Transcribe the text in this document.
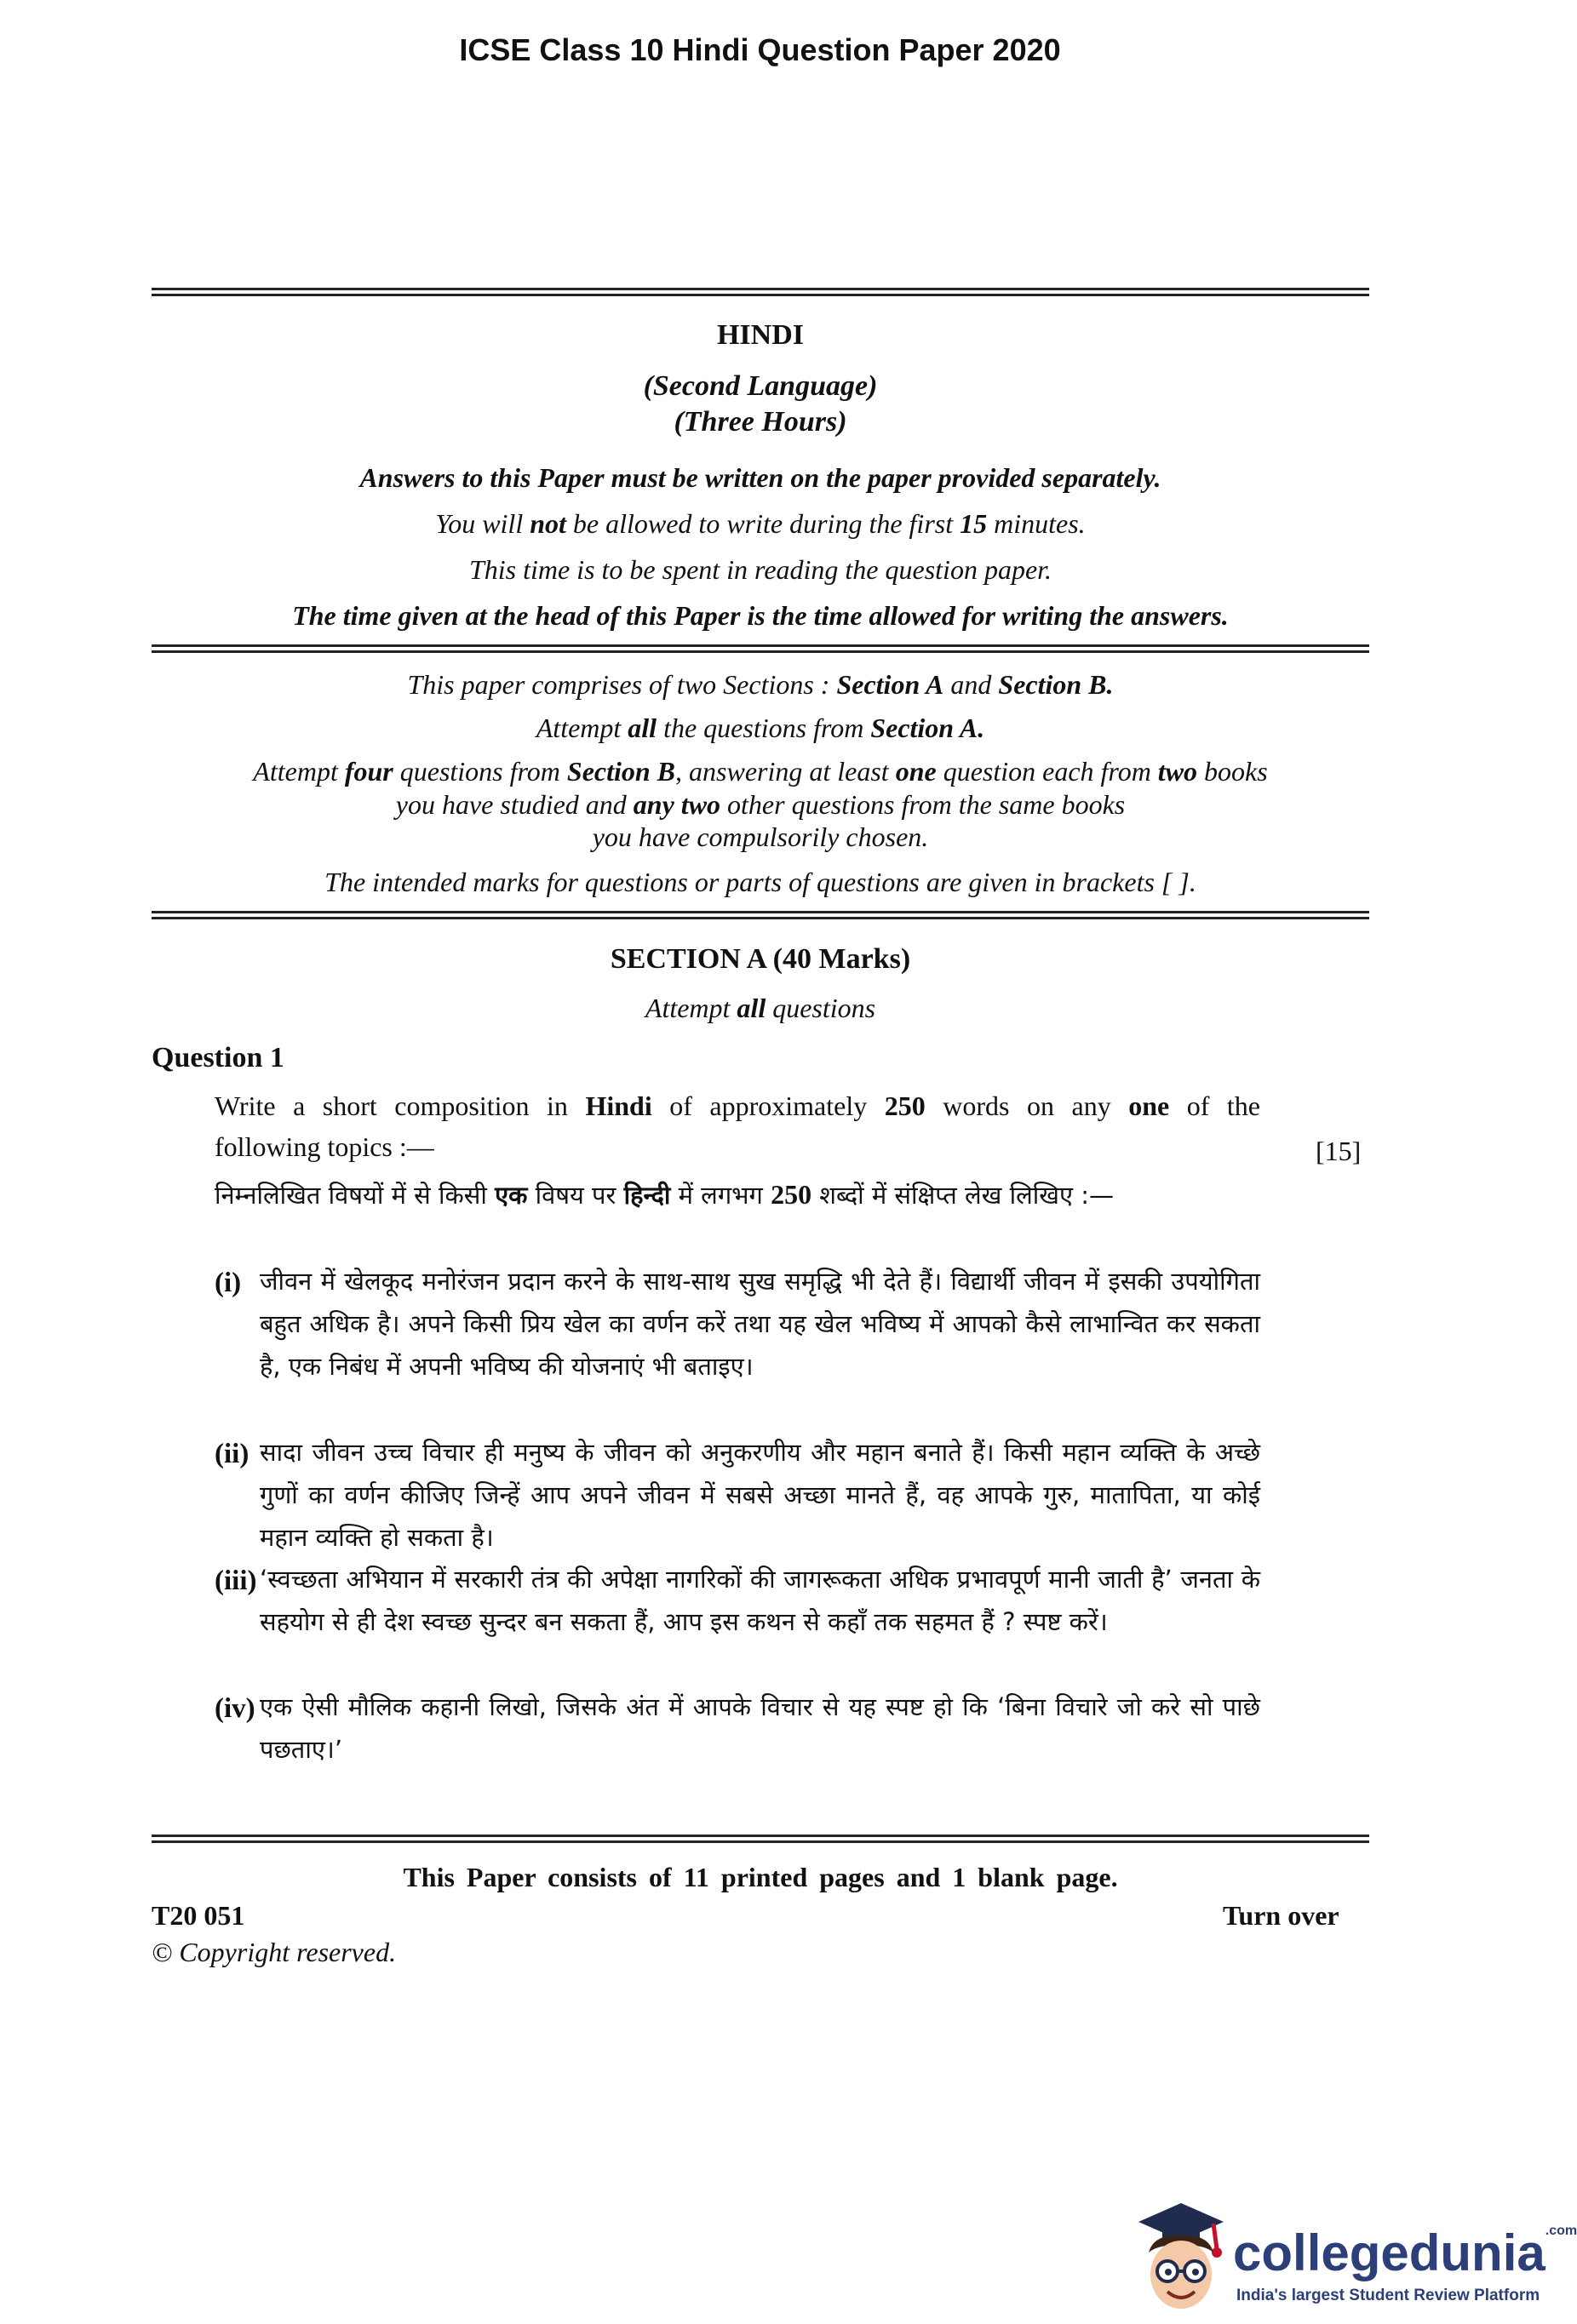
ICSE Class 10 Hindi Question Paper 2020
HINDI
(Second Language)
(Three Hours)
Answers to this Paper must be written on the paper provided separately.
You will not be allowed to write during the first 15 minutes.
This time is to be spent in reading the question paper.
The time given at the head of this Paper is the time allowed for writing the answers.
This paper comprises of two Sections : Section A and Section B.
Attempt all the questions from Section A.
Attempt four questions from Section B, answering at least one question each from two books
you have studied and any two other questions from the same books
you have compulsorily chosen.
The intended marks for questions or parts of questions are given in brackets [ ].
SECTION A (40 Marks)
Attempt all questions
Question 1
Write a short composition in Hindi of approximately 250 words on any one of the
following topics :—	[15]
निम्नलिखित विषयों में से किसी एक विषय पर हिन्दी में लगभग 250 शब्दों में संक्षिप्त लेख लिखिए :—
(i) जीवन में खेलकूद मनोरंजन प्रदान करने के साथ-साथ सुख समृद्धि भी देते हैं। विद्यार्थी जीवन में इसकी उपयोगिता बहुत अधिक है। अपने किसी प्रिय खेल का वर्णन करें तथा यह खेल भविष्य में आपको कैसे लाभान्वित कर सकता है, एक निबंध में अपनी भविष्य की योजनाएं भी बताइए।
(ii) सादा जीवन उच्च विचार ही मनुष्य के जीवन को अनुकरणीय और महान बनाते हैं। किसी महान व्यक्ति के अच्छे गुणों का वर्णन कीजिए जिन्हें आप अपने जीवन में सबसे अच्छा मानते हैं, वह आपके गुरु, मातापिता, या कोई महान व्यक्ति हो सकता है।
(iii) ‘स्वच्छता अभियान में सरकारी तंत्र की अपेक्षा नागरिकों की जागरूकता अधिक प्रभावपूर्ण मानी जाती है’ जनता के सहयोग से ही देश स्वच्छ सुन्दर बन सकता हैं, आप इस कथन से कहाँ तक सहमत हैं ? स्पष्ट करें।
(iv) एक ऐसी मौलिक कहानी लिखो, जिसके अंत में आपके विचार से यह स्पष्ट हो कि ‘बिना विचारे जो करे सो पाछे पछताए।’
This Paper consists of 11 printed pages and 1 blank page.
T20 051	Turn over
© Copyright reserved.
collegedunia.com
India's largest Student Review Platform
